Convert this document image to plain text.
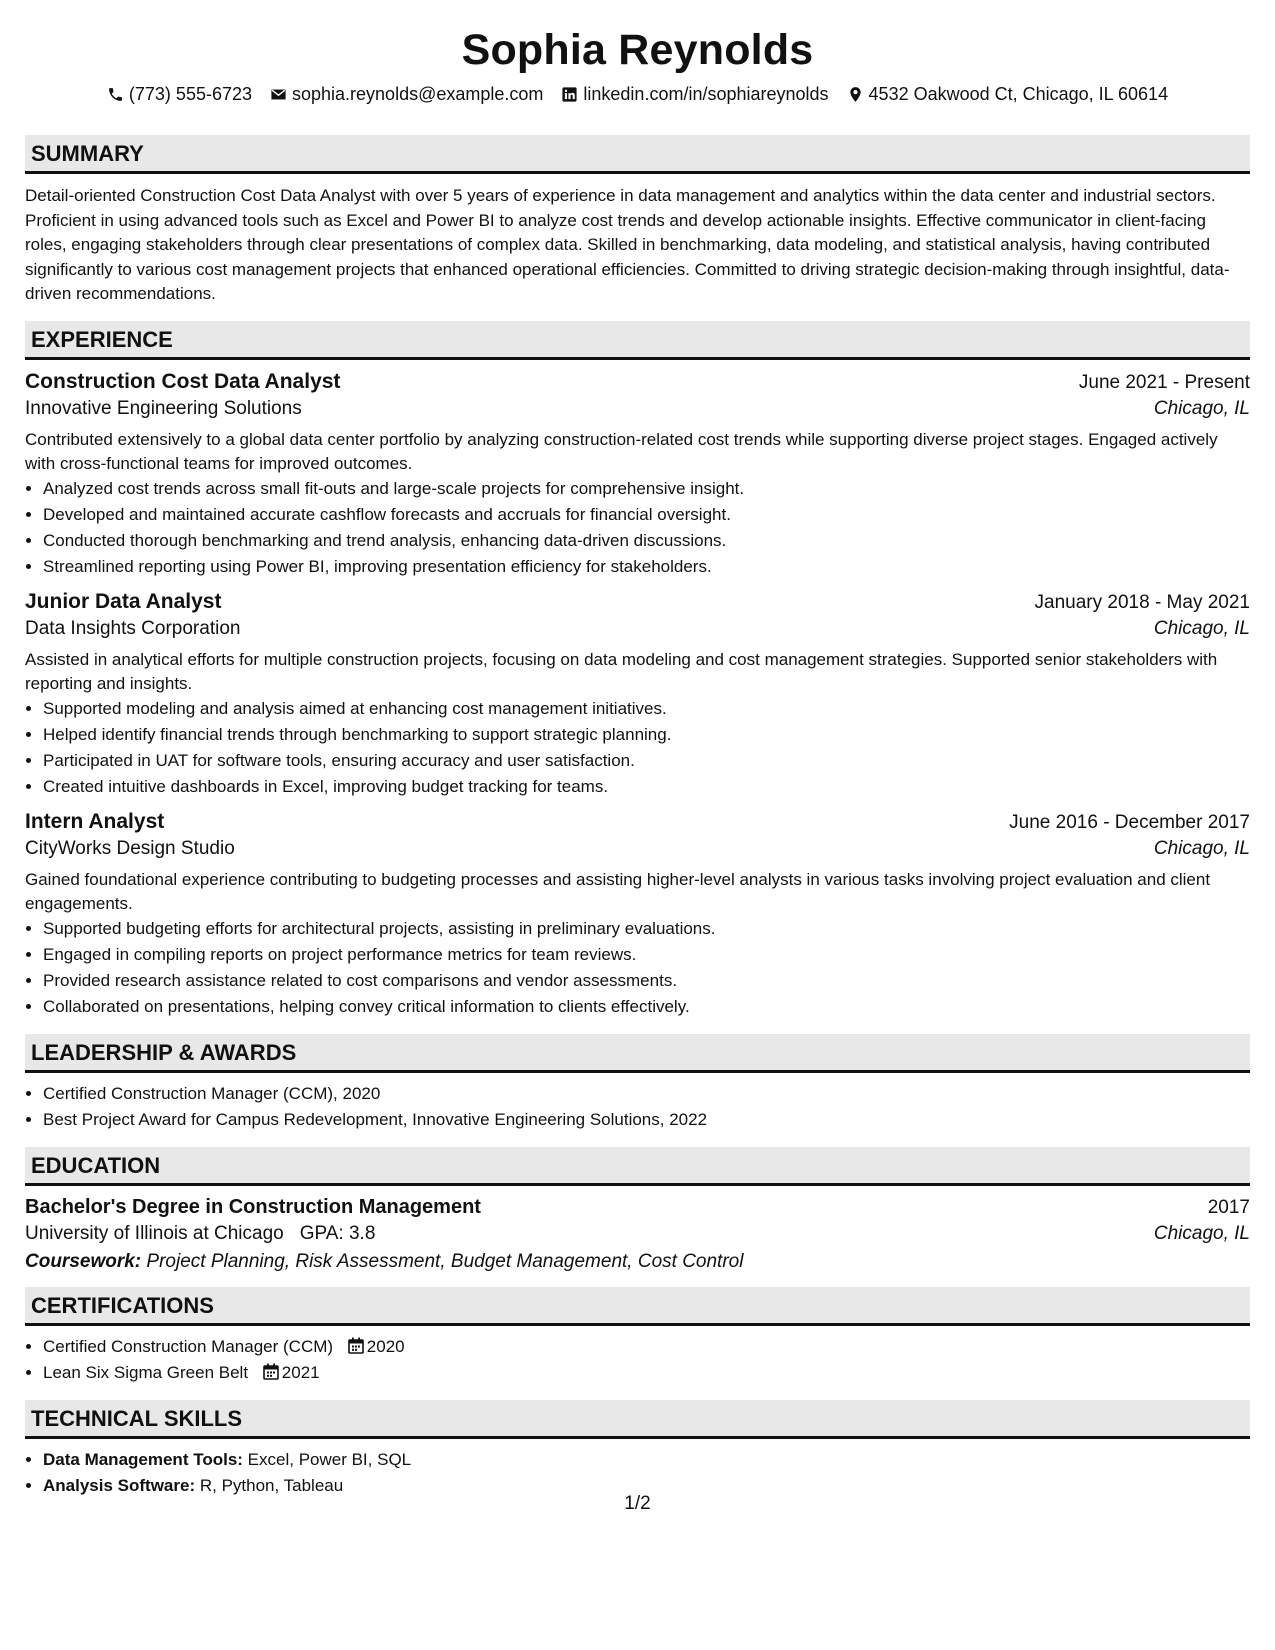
Sophia Reynolds
(773) 555-6723 sophia.reynolds@example.com linkedin.com/in/sophiareynolds 4532 Oakwood Ct, Chicago, IL 60614
SUMMARY
Detail-oriented Construction Cost Data Analyst with over 5 years of experience in data management and analytics within the data center and industrial sectors. Proficient in using advanced tools such as Excel and Power BI to analyze cost trends and develop actionable insights. Effective communicator in client-facing roles, engaging stakeholders through clear presentations of complex data. Skilled in benchmarking, data modeling, and statistical analysis, having contributed significantly to various cost management projects that enhanced operational efficiencies. Committed to driving strategic decision-making through insightful, data-driven recommendations.
EXPERIENCE
Construction Cost Data Analyst	June 2021 - Present
Innovative Engineering Solutions	Chicago, IL
Contributed extensively to a global data center portfolio by analyzing construction-related cost trends while supporting diverse project stages. Engaged actively with cross-functional teams for improved outcomes.
• Analyzed cost trends across small fit-outs and large-scale projects for comprehensive insight.
• Developed and maintained accurate cashflow forecasts and accruals for financial oversight.
• Conducted thorough benchmarking and trend analysis, enhancing data-driven discussions.
• Streamlined reporting using Power BI, improving presentation efficiency for stakeholders.
Junior Data Analyst	January 2018 - May 2021
Data Insights Corporation	Chicago, IL
Assisted in analytical efforts for multiple construction projects, focusing on data modeling and cost management strategies. Supported senior stakeholders with reporting and insights.
• Supported modeling and analysis aimed at enhancing cost management initiatives.
• Helped identify financial trends through benchmarking to support strategic planning.
• Participated in UAT for software tools, ensuring accuracy and user satisfaction.
• Created intuitive dashboards in Excel, improving budget tracking for teams.
Intern Analyst	June 2016 - December 2017
CityWorks Design Studio	Chicago, IL
Gained foundational experience contributing to budgeting processes and assisting higher-level analysts in various tasks involving project evaluation and client engagements.
• Supported budgeting efforts for architectural projects, assisting in preliminary evaluations.
• Engaged in compiling reports on project performance metrics for team reviews.
• Provided research assistance related to cost comparisons and vendor assessments.
• Collaborated on presentations, helping convey critical information to clients effectively.
LEADERSHIP & AWARDS
• Certified Construction Manager (CCM), 2020
• Best Project Award for Campus Redevelopment, Innovative Engineering Solutions, 2022
EDUCATION
Bachelor's Degree in Construction Management	2017
University of Illinois at Chicago GPA: 3.8	Chicago, IL
Coursework: Project Planning, Risk Assessment, Budget Management, Cost Control
CERTIFICATIONS
• Certified Construction Manager (CCM) 2020
• Lean Six Sigma Green Belt 2021
TECHNICAL SKILLS
• Data Management Tools: Excel, Power BI, SQL
• Analysis Software: R, Python, Tableau
1/2
